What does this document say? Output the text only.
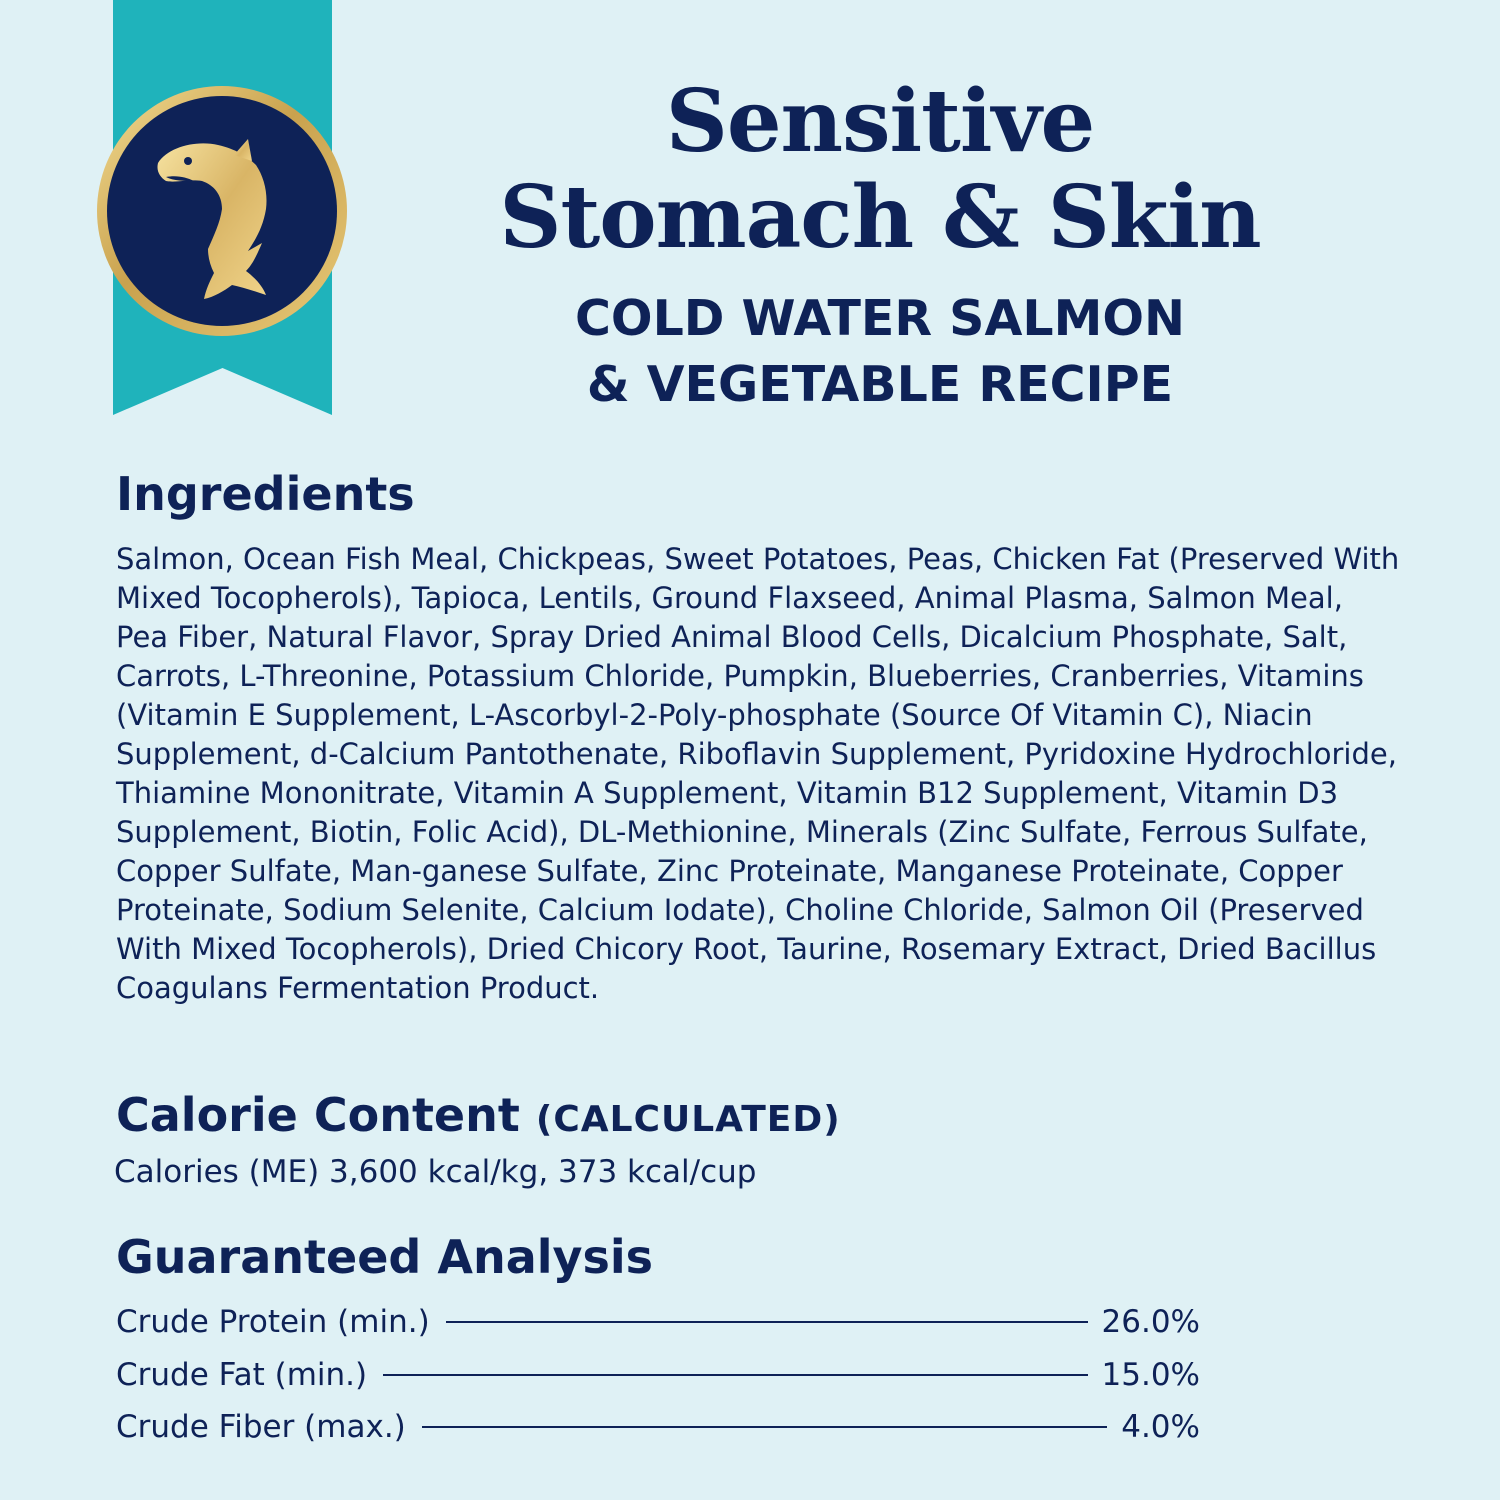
Sensitive
Stomach & Skin
COLD WATER SALMON
& VEGETABLE RECIPE
Ingredients

Salmon, Ocean Fish Meal, Chickpeas, Sweet Potatoes, Peas, Chicken Fat (Preserved With Mixed Tocopherols), Tapioca, Lentils, Ground Flaxseed, Animal Plasma, Salmon Meal, Pea Fiber, Natural Flavor, Spray Dried Animal Blood Cells, Dicalcium Phosphate, Salt, Carrots, L-Threonine, Potassium Chloride, Pumpkin, Blueberries, Cranberries, Vitamins (Vitamin E Supplement, L-Ascorbyl-2-Poly-phosphate (Source Of Vitamin C), Niacin Supplement, d-Calcium Pantothenate, Riboflavin Supplement, Pyridoxine Hydrochloride, Thiamine Mononitrate, Vitamin A Supplement, Vitamin B12 Supplement, Vitamin D3 Supplement, Biotin, Folic Acid), DL-Methionine, Minerals (Zinc Sulfate, Ferrous Sulfate, Copper Sulfate, Man-ganese Sulfate, Zinc Proteinate, Manganese Proteinate, Copper Proteinate, Sodium Selenite, Calcium Iodate), Choline Chloride, Salmon Oil (Preserved With Mixed Tocopherols), Dried Chicory Root, Taurine, Rosemary Extract, Dried Bacillus Coagulans Fermentation Product.

Calorie Content (CALCULATED)

Calories (ME) 3,600 kcal/kg, 373 kcal/cup

Guaranteed Analysis
Crude Protein (min.)	26.0%
Crude Fat (min.)	15.0%
Crude Fiber (max.)	4.0%
